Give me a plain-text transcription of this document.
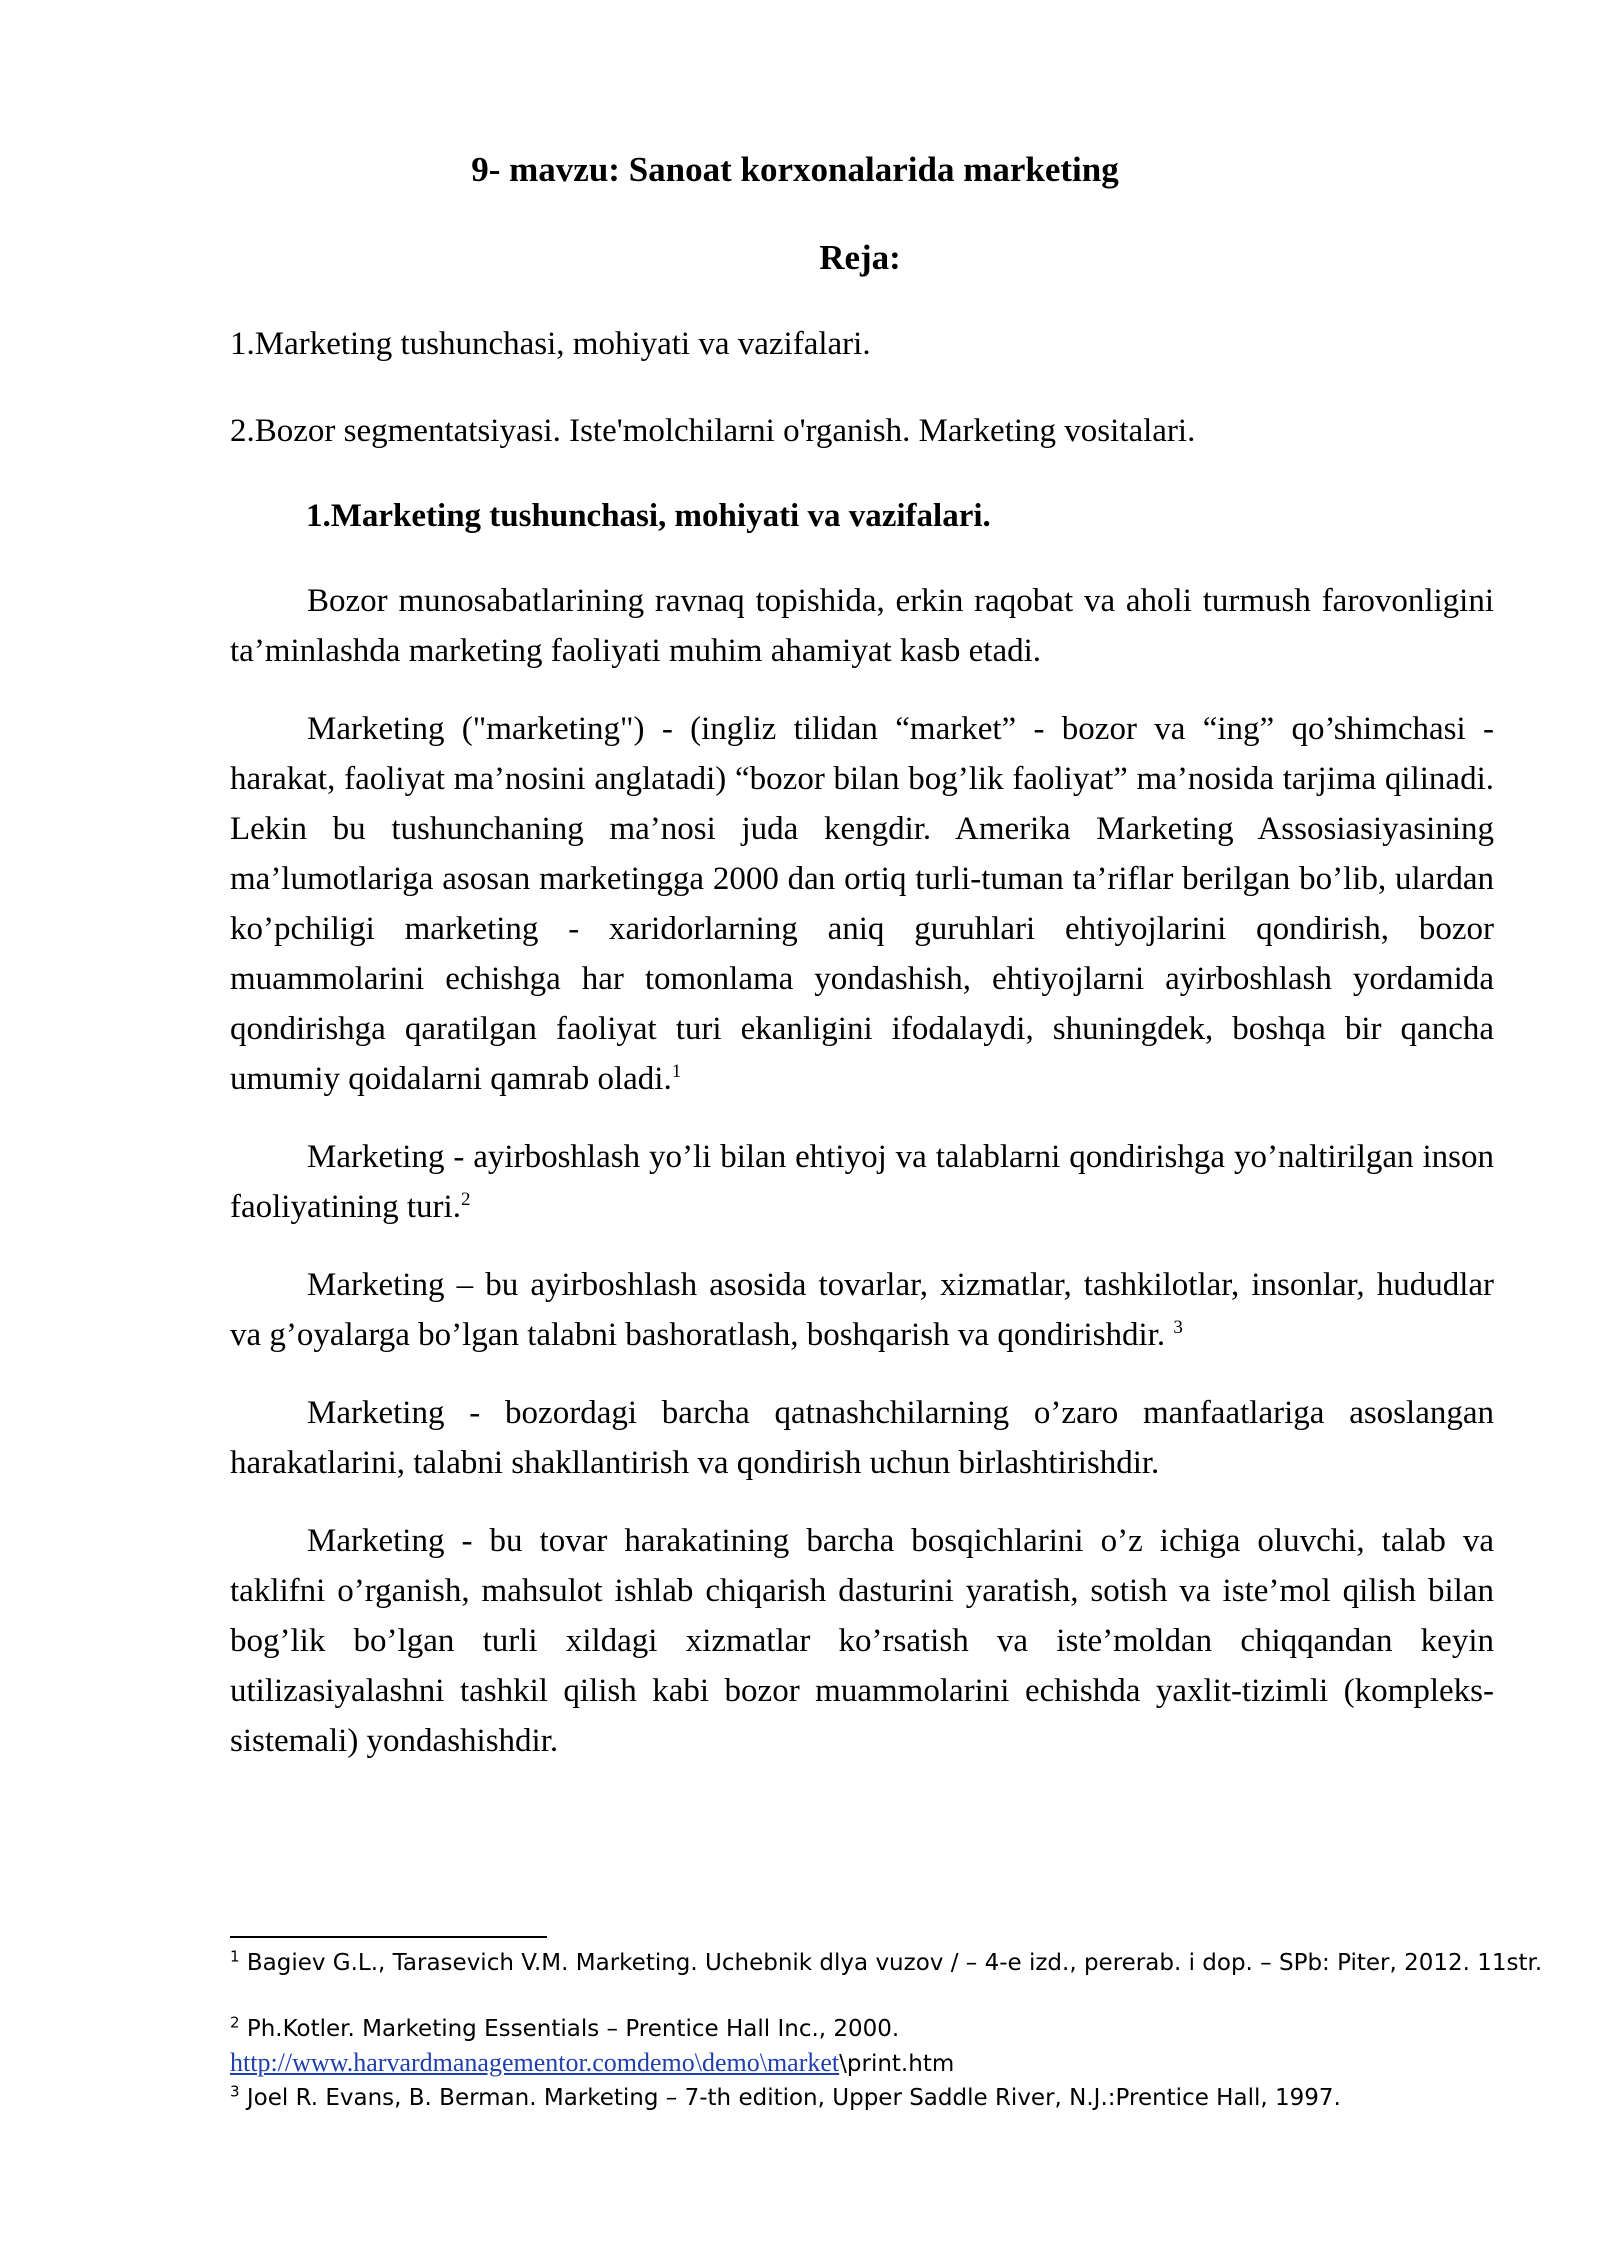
9- mavzu: Sanoat korxonalarida marketing
Reja:

1.Marketing tushunchasi, mohiyati va vazifalari.

2.Bozor segmentatsiyasi. Iste'molchilarni o'rganish. Marketing vositalari.

1.Marketing tushunchasi, mohiyati va vazifalari.

Bozor munosabatlarining ravnaq topishida, erkin raqobat va aholi turmush farovonligini ta’minlashda marketing faoliyati muhim ahamiyat kasb etadi.

Marketing ("marketing") - (ingliz tilidan “market” - bozor va “ing” qo’shimchasi - harakat, faoliyat ma’nosini anglatadi) “bozor bilan bog’lik faoliyat” ma’nosida tarjima qilinadi. Lekin bu tushunchaning ma’nosi juda kengdir. Amerika Marketing Assosiasiyasining ma’lumotlariga asosan marketingga 2000 dan ortiq turli-tuman ta’riflar berilgan bo’lib, ulardan ko’pchiligi marketing - xaridorlarning aniq guruhlari ehtiyojlarini qondirish, bozor muammolarini echishga har tomonlama yondashish, ehtiyojlarni ayirboshlash yordamida qondirishga qaratilgan faoliyat turi ekanligini ifodalaydi, shuningdek, boshqa bir qancha umumiy qoidalarni qamrab oladi.$^1$

Marketing - ayirboshlash yo’li bilan ehtiyoj va talablarni qondirishga yo’naltirilgan inson faoliyatining turi.$^2$

Marketing – bu ayirboshlash asosida tovarlar, xizmatlar, tashkilotlar, insonlar, hududlar va g’oyalarga bo’lgan talabni bashoratlash, boshqarish va qondirishdir. $^3$

Marketing - bozordagi barcha qatnashchilarning o’zaro manfaatlariga asoslangan harakatlarini, talabni shakllantirish va qondirish uchun birlashtirishdir.

Marketing - bu tovar harakatining barcha bosqichlarini o’z ichiga oluvchi, talab va taklifni o’rganish, mahsulot ishlab chiqarish dasturini yaratish, sotish va iste’mol qilish bilan bog’lik bo’lgan turli xildagi xizmatlar ko’rsatish va iste’moldan chiqqandan keyin utilizasiyalashni tashkil qilish kabi bozor muammolarini echishda yaxlit-tizimli (kompleks-sistemali) yondashishdir.

$^1$ Bagiev G.L., Tarasevich V.M. Marketing. Uchebnik dlya vuzov / – 4-e izd., pererab. i dop. – SPb: Piter, 2012. 11str.

$^2$ Ph.Kotler. Marketing Essentials – Prentice Hall Inc., 2000. http://www.harvardmanagementor.comdemo\demo\market\print.htm

$^3$ Joel R. Evans, B. Berman. Marketing – 7-th edition, Upper Saddle River, N.J.:Prentice Hall, 1997.
